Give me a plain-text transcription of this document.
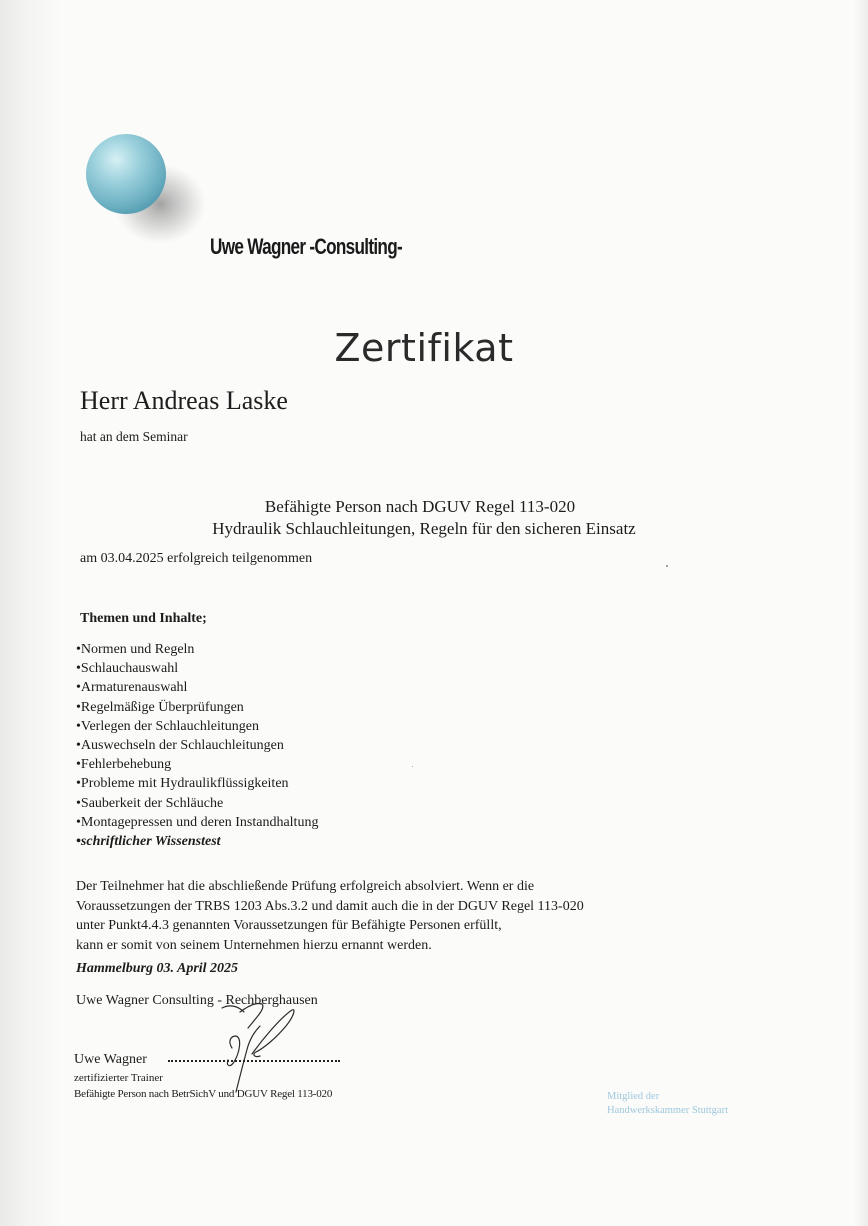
Uwe Wagner -Consulting-
Zertifikat
Herr Andreas Laske
hat an dem Seminar
Befähigte Person nach DGUV Regel 113-020
Hydraulik Schlauchleitungen, Regeln für den sicheren Einsatz
am 03.04.2025 erfolgreich teilgenommen
Themen und Inhalte;
•Normen und Regeln
•Schlauchauswahl
•Armaturenauswahl
•Regelmäßige Überprüfungen
•Verlegen der Schlauchleitungen
•Auswechseln der Schlauchleitungen
•Fehlerbehebung
•Probleme mit Hydraulikflüssigkeiten
•Sauberkeit der Schläuche
•Montagepressen und deren Instandhaltung
•schriftlicher Wissenstest
Der Teilnehmer hat die abschließende Prüfung erfolgreich absolviert. Wenn er die
Voraussetzungen der TRBS 1203 Abs.3.2 und damit auch die in der DGUV Regel 113-020
unter Punkt4.4.3 genannten Voraussetzungen für Befähigte Personen erfüllt,
kann er somit von seinem Unternehmen hierzu ernannt werden.
Hammelburg 03. April 2025
Uwe Wagner Consulting - Rechberghausen
Uwe Wagner
zertifizierter Trainer
Befähigte Person nach BetrSichV und DGUV Regel 113-020	Mitglied der
Handwerkskammer Stuttgart
